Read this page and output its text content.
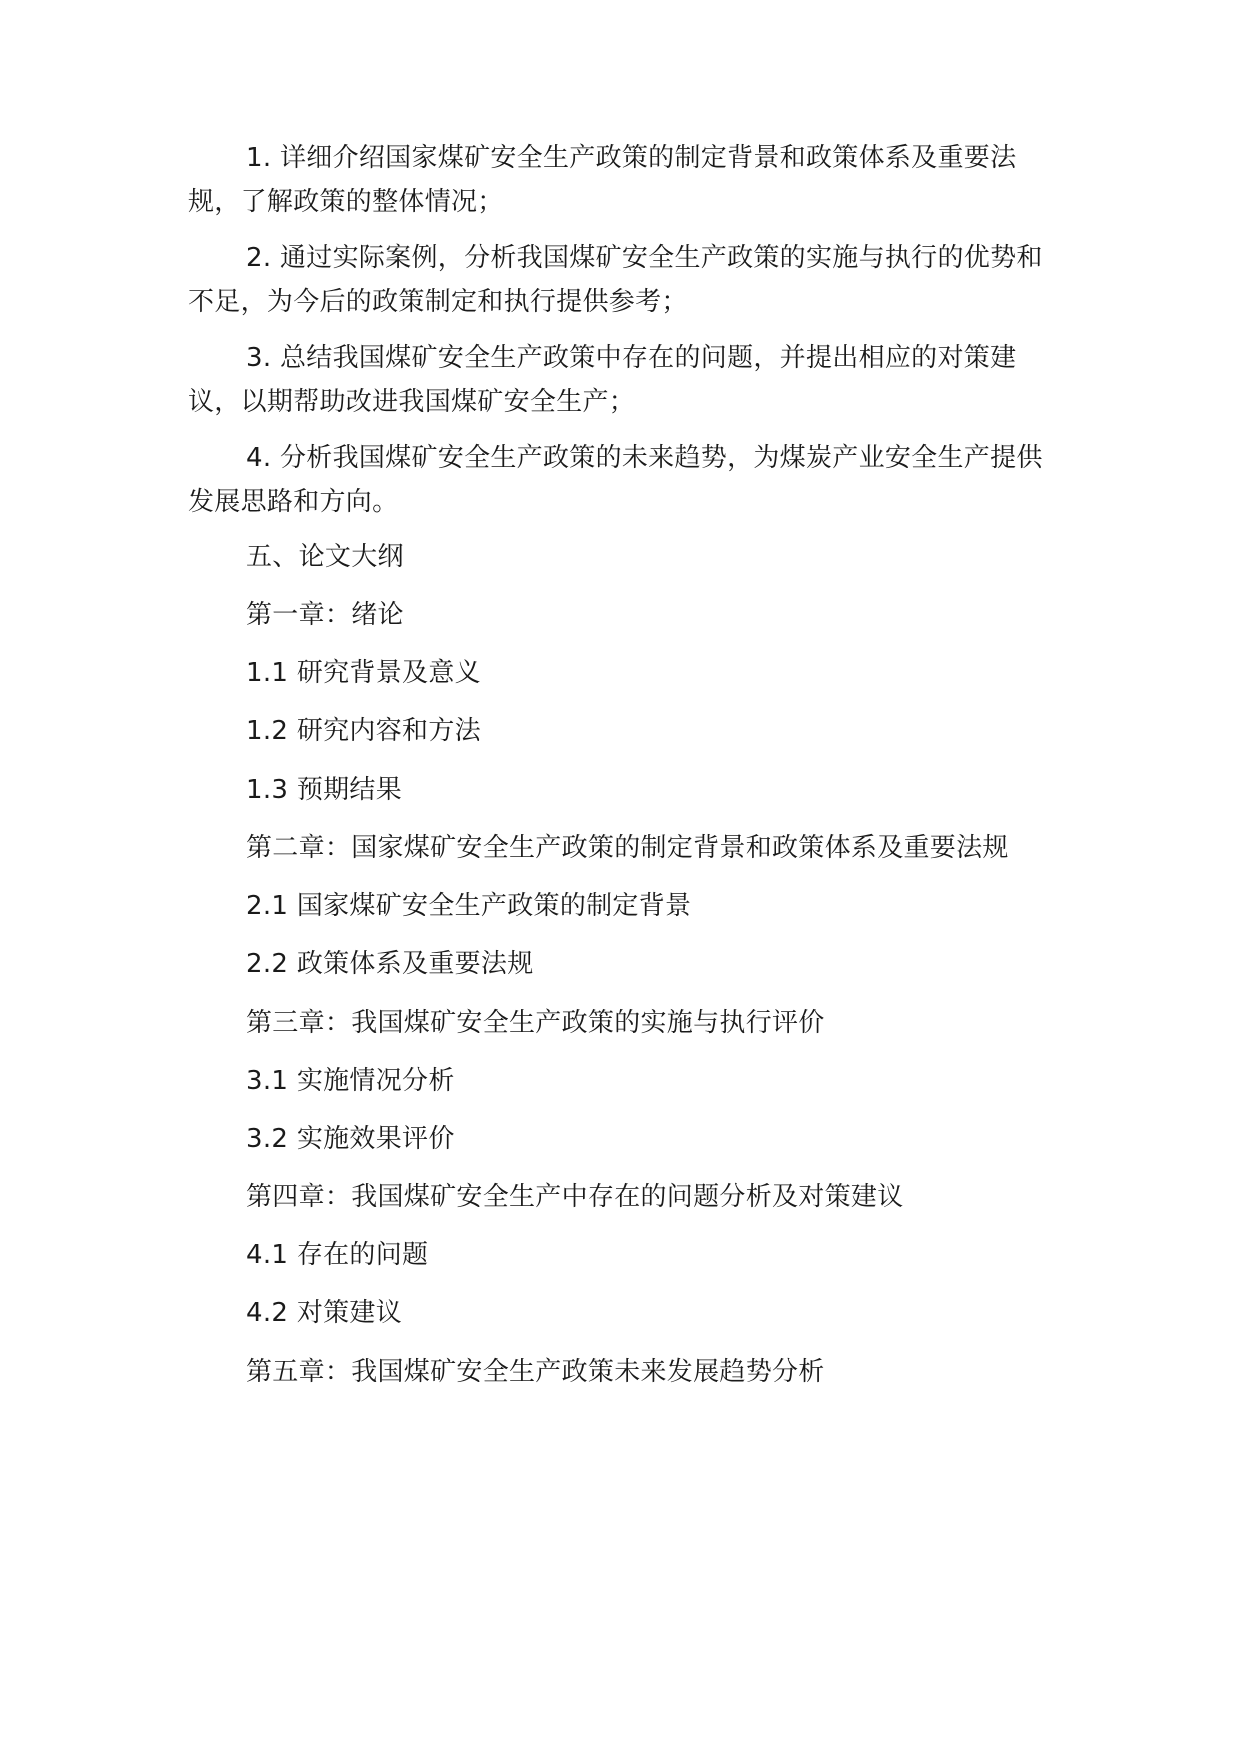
1. 详细介绍国家煤矿安全生产政策的制定背景和政策体系及重要法规，了解政策的整体情况；

2. 通过实际案例，分析我国煤矿安全生产政策的实施与执行的优势和不足，为今后的政策制定和执行提供参考；

3. 总结我国煤矿安全生产政策中存在的问题，并提出相应的对策建议，以期帮助改进我国煤矿安全生产；

4. 分析我国煤矿安全生产政策的未来趋势，为煤炭产业安全生产提供发展思路和方向。

五、论文大纲

第一章：绪论

1.1 研究背景及意义

1.2 研究内容和方法

1.3 预期结果

第二章：国家煤矿安全生产政策的制定背景和政策体系及重要法规

2.1 国家煤矿安全生产政策的制定背景

2.2 政策体系及重要法规

第三章：我国煤矿安全生产政策的实施与执行评价

3.1 实施情况分析

3.2 实施效果评价

第四章：我国煤矿安全生产中存在的问题分析及对策建议

4.1 存在的问题

4.2 对策建议

第五章：我国煤矿安全生产政策未来发展趋势分析
